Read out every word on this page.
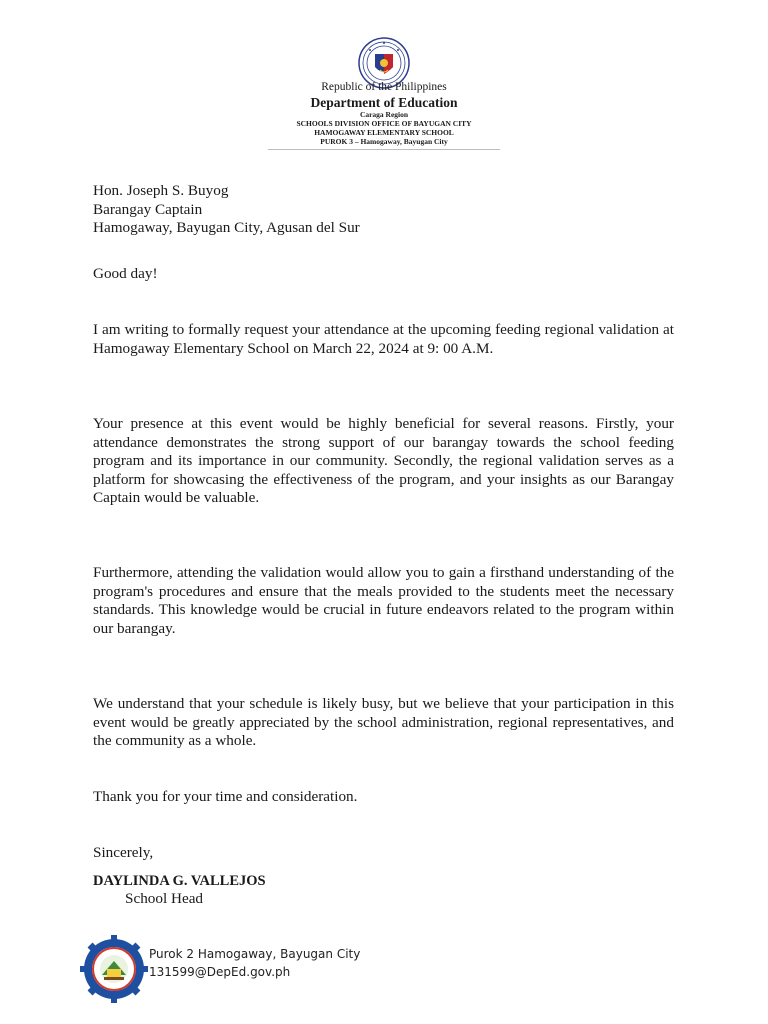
Republic of the Philippines
Department of Education
Caraga Region
SCHOOLS DIVISION OFFICE OF BAYUGAN CITY
HAMOGAWAY ELEMENTARY SCHOOL
PUROK 3 – Hamogaway, Bayugan City
Hon. Joseph S. Buyog
Barangay Captain
Hamogaway, Bayugan City, Agusan del Sur
Good day!
I am writing to formally request your attendance at the upcoming feeding regional validation at Hamogaway Elementary School on March 22, 2024 at 9: 00 A.M.
Your presence at this event would be highly beneficial for several reasons. Firstly, your attendance demonstrates the strong support of our barangay towards the school feeding program and its importance in our community. Secondly, the regional validation serves as a platform for showcasing the effectiveness of the program, and your insights as our Barangay Captain would be valuable.
Furthermore, attending the validation would allow you to gain a firsthand understanding of the program's procedures and ensure that the meals provided to the students meet the necessary standards. This knowledge would be crucial in future endeavors related to the program within our barangay.
We understand that your schedule is likely busy, but we believe that your participation in this event would be greatly appreciated by the school administration, regional representatives, and the community as a whole.
Thank you for your time and consideration.
Sincerely,
DAYLINDA G. VALLEJOS
School Head
Purok 2 Hamogaway, Bayugan City
131599@DepEd.gov.ph
